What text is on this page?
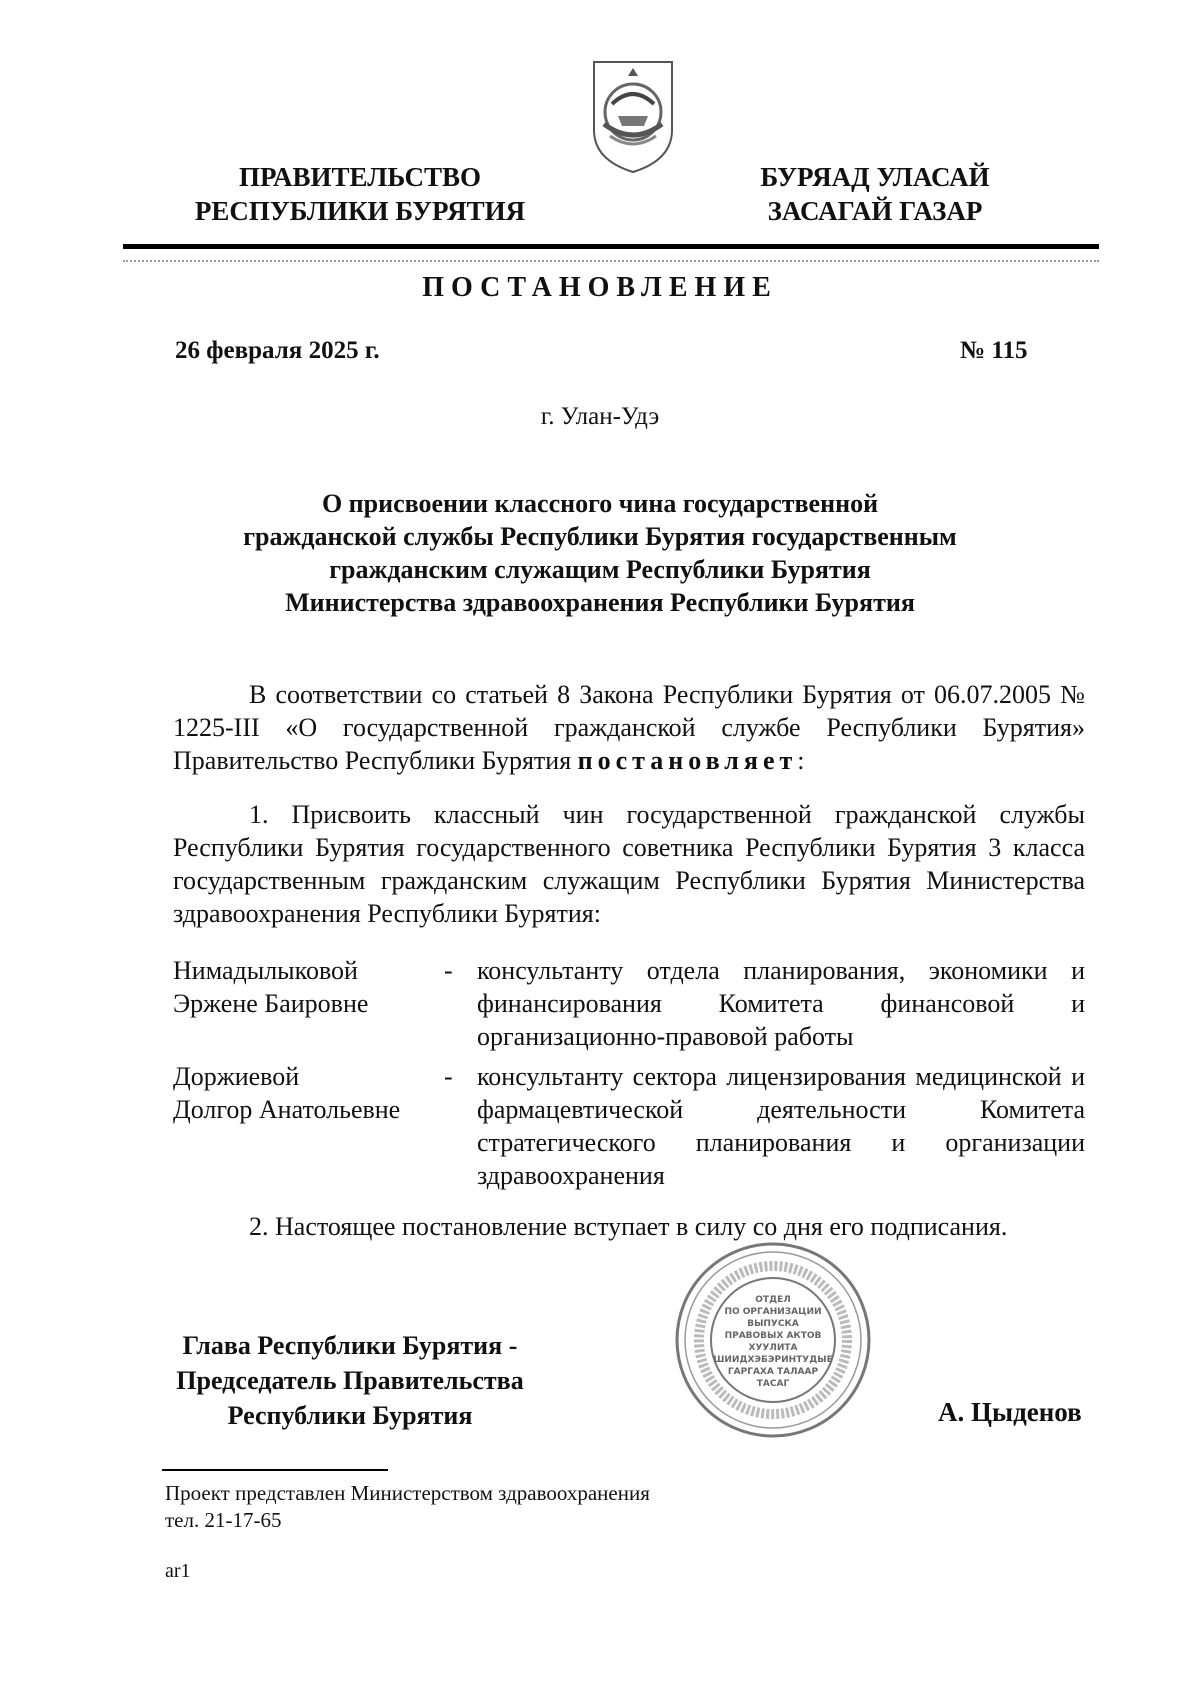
ПРАВИТЕЛЬСТВО
РЕСПУБЛИКИ БУРЯТИЯ
БУРЯАД УЛАСАЙ
ЗАСАГАЙ ГАЗАР
ПОСТАНОВЛЕНИЕ
26 февраля 2025 г.	№ 115
г. Улан-Удэ
О присвоении классного чина государственной
гражданской службы Республики Бурятия государственным
гражданским служащим Республики Бурятия
Министерства здравоохранения Республики Бурятия
В соответствии со статьей 8 Закона Республики Бурятия от 06.07.2005 № 1225-III «О государственной гражданской службе Республики Бурятия» Правительство Республики Бурятия постановляет:
1. Присвоить классный чин государственной гражданской службы Республики Бурятия государственного советника Республики Бурятия 3 класса государственным гражданским служащим Республики Бурятия Министерства здравоохранения Республики Бурятия:
Нимадылыковой
Эржене Баировне
- консультанту отдела планирования, экономики и финансирования Комитета финансовой и организационно-правовой работы
Доржиевой
Долгор Анатольевне
- консультанту сектора лицензирования медицинской и фармацевтической деятельности Комитета стратегического планирования и организации здравоохранения
2. Настоящее постановление вступает в силу со дня его подписания.
Глава Республики Бурятия -
Председатель Правительства
Республики Бурятия
ОТДЕЛ
ПО ОРГАНИЗАЦИИ
ВЫПУСКА
ПРАВОВЫХ АКТОВ
ХУУЛИТА
ШИИДХЭБЭРИНТУДЫЕ
ГАРГАХА ТАЛААР
ТАСАГ
А. Цыденов
Проект представлен Министерством здравоохранения
тел. 21-17-65
ar1
